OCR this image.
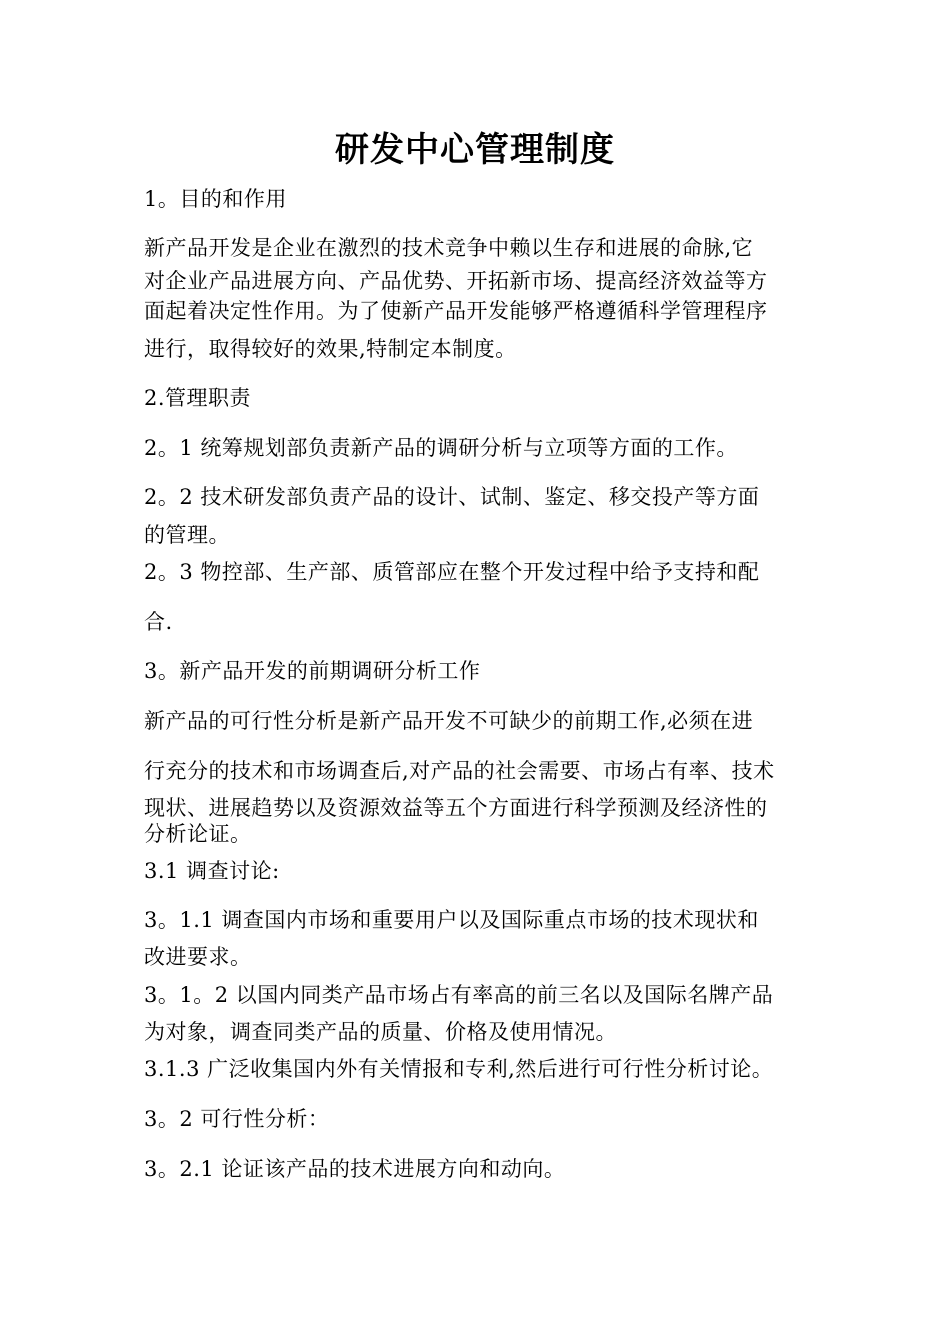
研发中心管理制度
1。目的和作用
新产品开发是企业在激烈的技术竞争中赖以生存和进展的命脉,它
对企业产品进展方向、产品优势、开拓新市场、提高经济效益等方
面起着决定性作用。为了使新产品开发能够严格遵循科学管理程序
进行，取得较好的效果,特制定本制度。
2.管理职责
2。1 统筹规划部负责新产品的调研分析与立项等方面的工作。
2。2 技术研发部负责产品的设计、试制、鉴定、移交投产等方面
的管理。
2。3 物控部、生产部、质管部应在整个开发过程中给予支持和配
合.
3。新产品开发的前期调研分析工作
新产品的可行性分析是新产品开发不可缺少的前期工作,必须在进
行充分的技术和市场调查后,对产品的社会需要、市场占有率、技术
现状、进展趋势以及资源效益等五个方面进行科学预测及经济性的
分析论证。
3.1 调查讨论:
3。1.1 调查国内市场和重要用户以及国际重点市场的技术现状和
改进要求。
3。1。2 以国内同类产品市场占有率高的前三名以及国际名牌产品
为对象，调查同类产品的质量、价格及使用情况。
3.1.3 广泛收集国内外有关情报和专利,然后进行可行性分析讨论。
3。2 可行性分析：
3。2.1 论证该产品的技术进展方向和动向。
